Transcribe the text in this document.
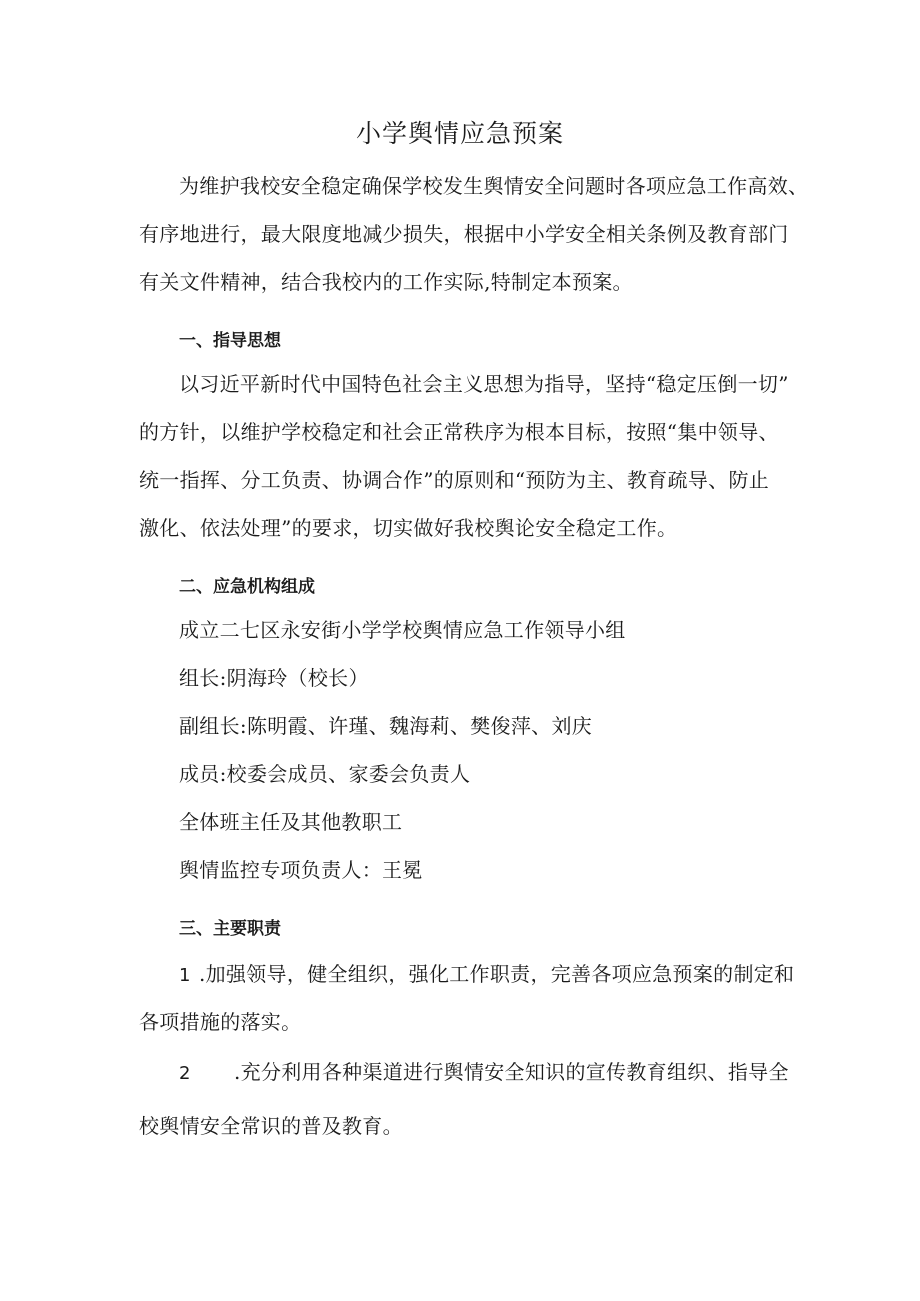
小学舆情应急预案
为维护我校安全稳定确保学校发生舆情安全问题时各项应急工作高效、
有序地进行，最大限度地减少损失，根据中小学安全相关条例及教育部门
有关文件精神，结合我校内的工作实际,特制定本预案。
一、指导思想
以习近平新时代中国特色社会主义思想为指导，坚持“稳定压倒一切”
的方针，以维护学校稳定和社会正常秩序为根本目标，按照“集中领导、
统一指挥、分工负责、协调合作”的原则和“预防为主、教育疏导、防止
激化、依法处理”的要求，切实做好我校舆论安全稳定工作。
二、应急机构组成
成立二七区永安街小学学校舆情应急工作领导小组
组长:阴海玲（校长）
副组长:陈明霞、许瑾、魏海莉、樊俊萍、刘庆
成员:校委会成员、家委会负责人
全体班主任及其他教职工
舆情监控专项负责人：王冕
三、主要职责
1 .加强领导，健全组织，强化工作职责，完善各项应急预案的制定和
各项措施的落实。
2 .充分利用各种渠道进行舆情安全知识的宣传教育组织、指导全
校舆情安全常识的普及教育。
